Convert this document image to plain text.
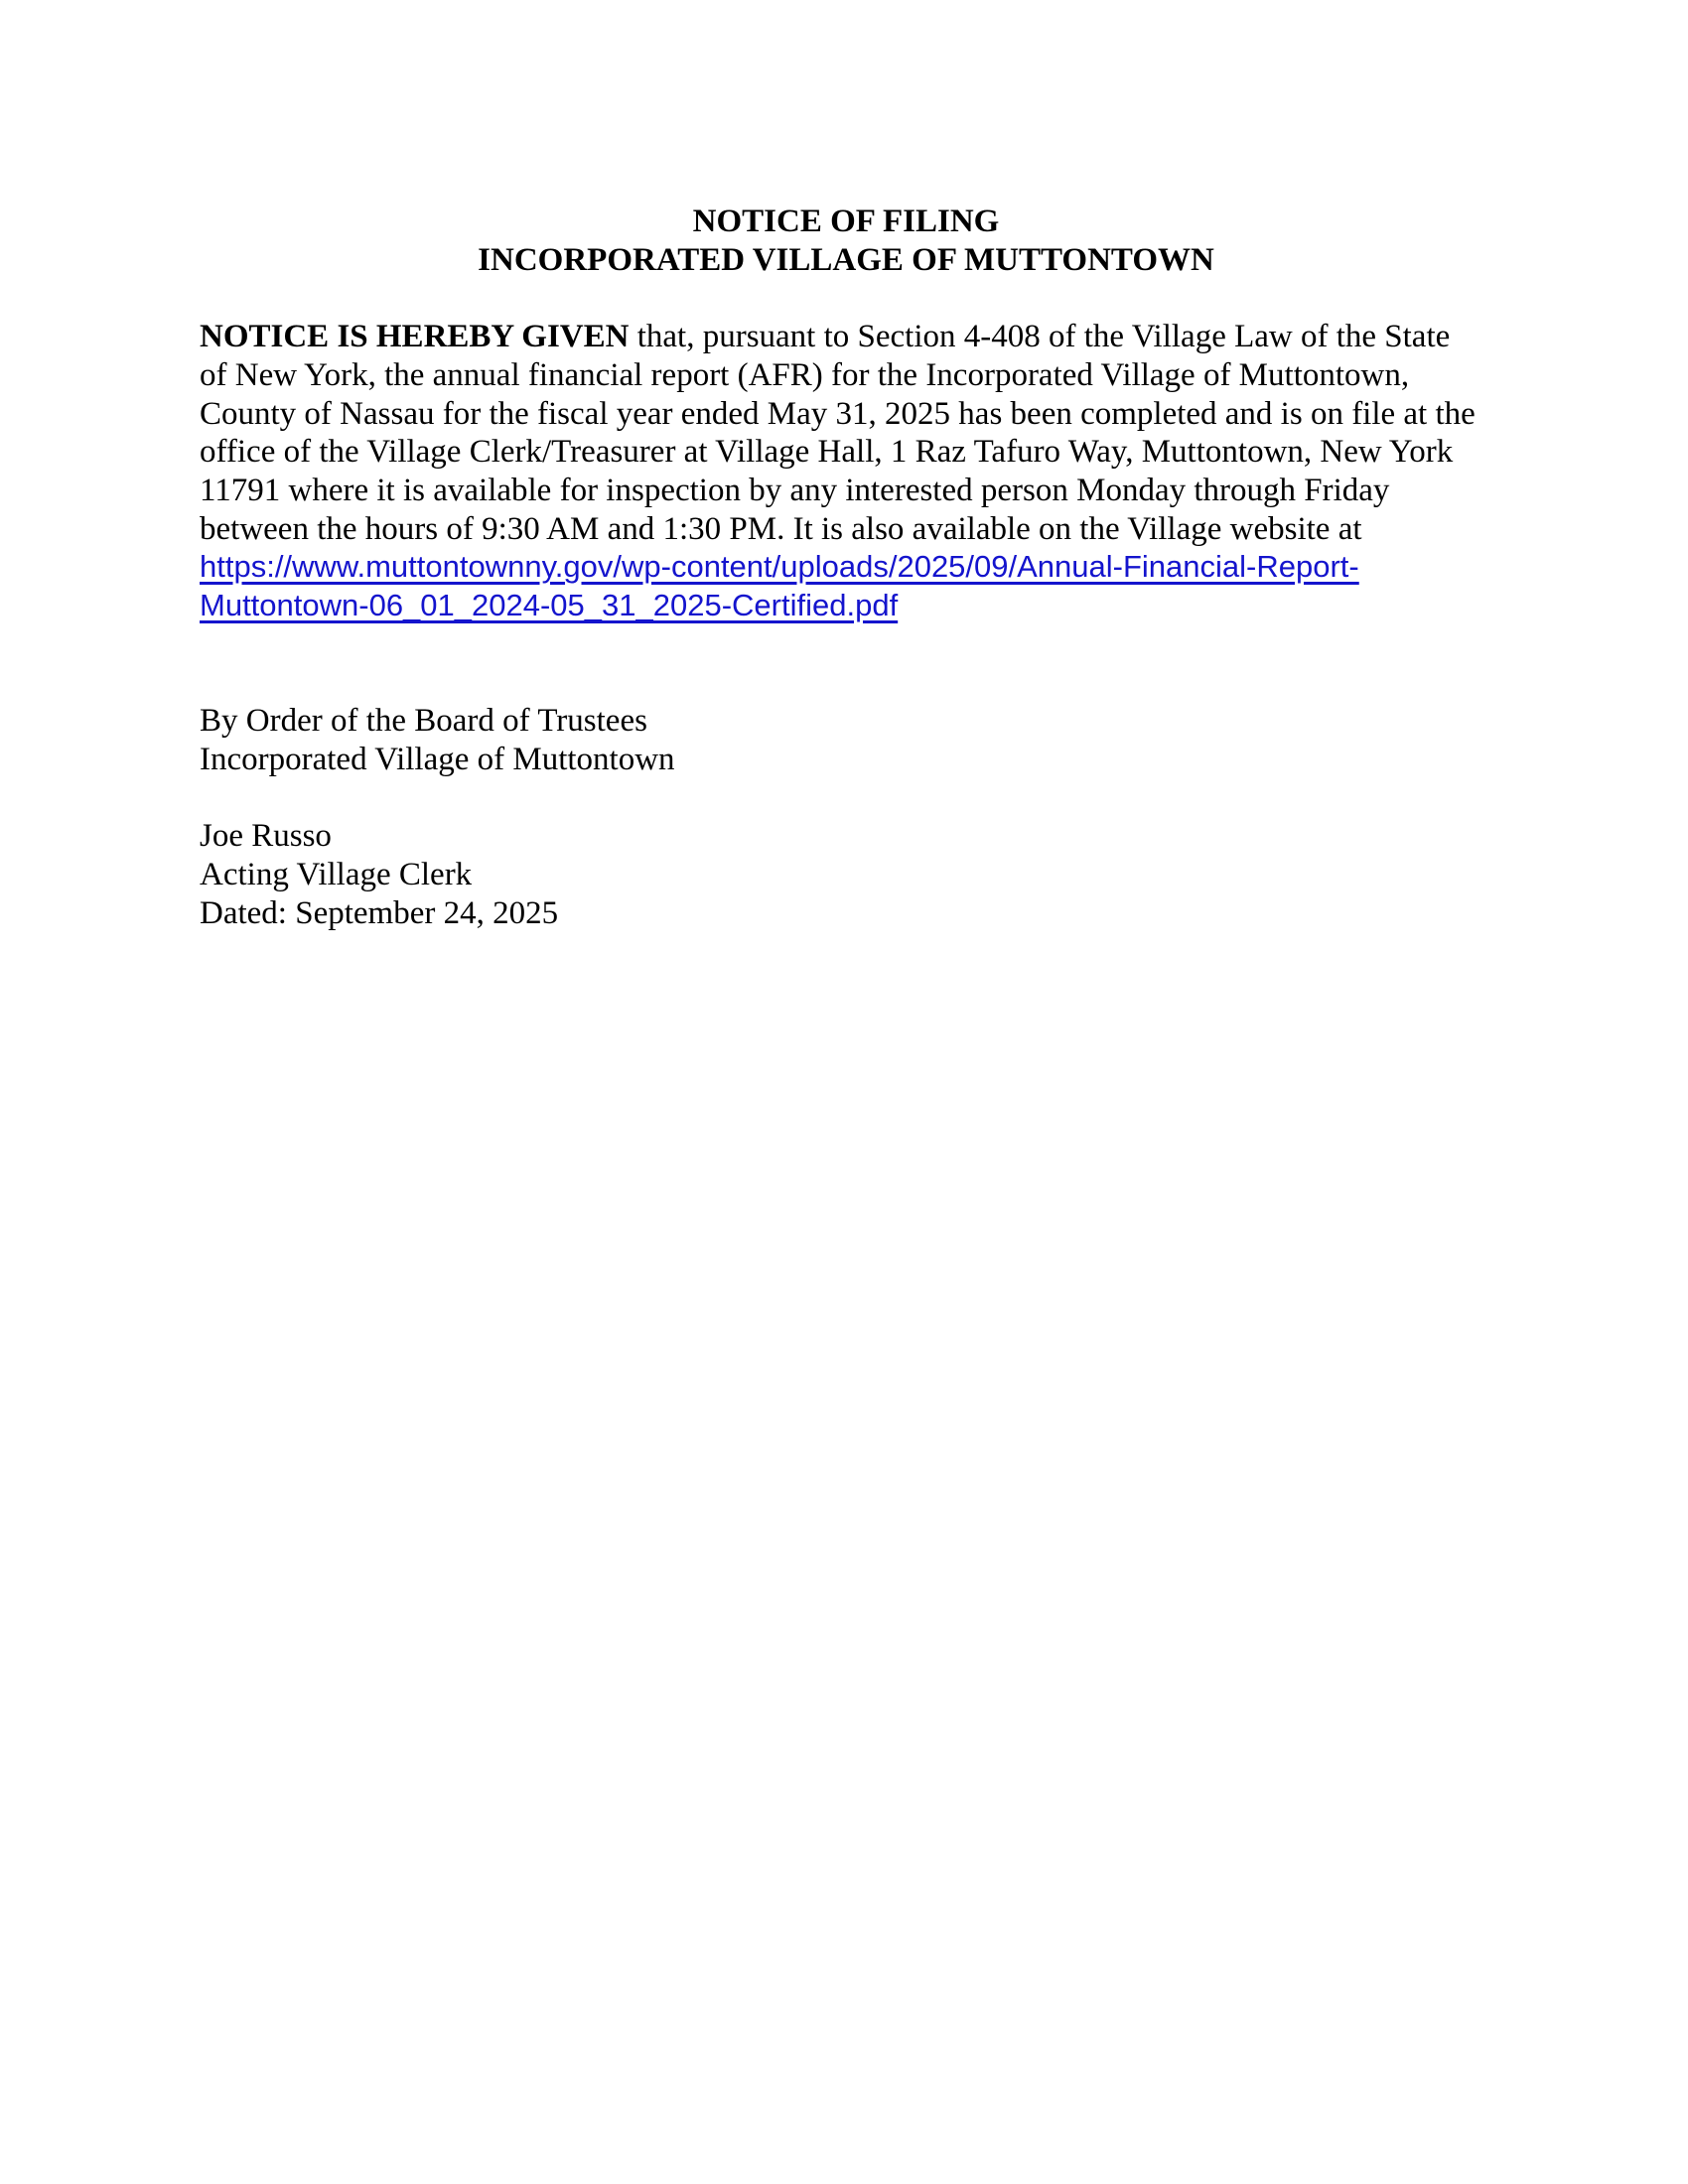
NOTICE OF FILING
INCORPORATED VILLAGE OF MUTTONTOWN
NOTICE IS HEREBY GIVEN that, pursuant to Section 4-408 of the Village Law of the State
of New York, the annual financial report (AFR) for the Incorporated Village of Muttontown,
County of Nassau for the fiscal year ended May 31, 2025 has been completed and is on file at the
office of the Village Clerk/Treasurer at Village Hall, 1 Raz Tafuro Way, Muttontown, New York
11791 where it is available for inspection by any interested person Monday through Friday
between the hours of 9:30 AM and 1:30 PM. It is also available on the Village website at
https://www.muttontownny.gov/wp-content/uploads/2025/09/Annual-Financial-Report-
Muttontown-06_01_2024-05_31_2025-Certified.pdf
By Order of the Board of Trustees
Incorporated Village of Muttontown
Joe Russo
Acting Village Clerk
Dated: September 24, 2025
